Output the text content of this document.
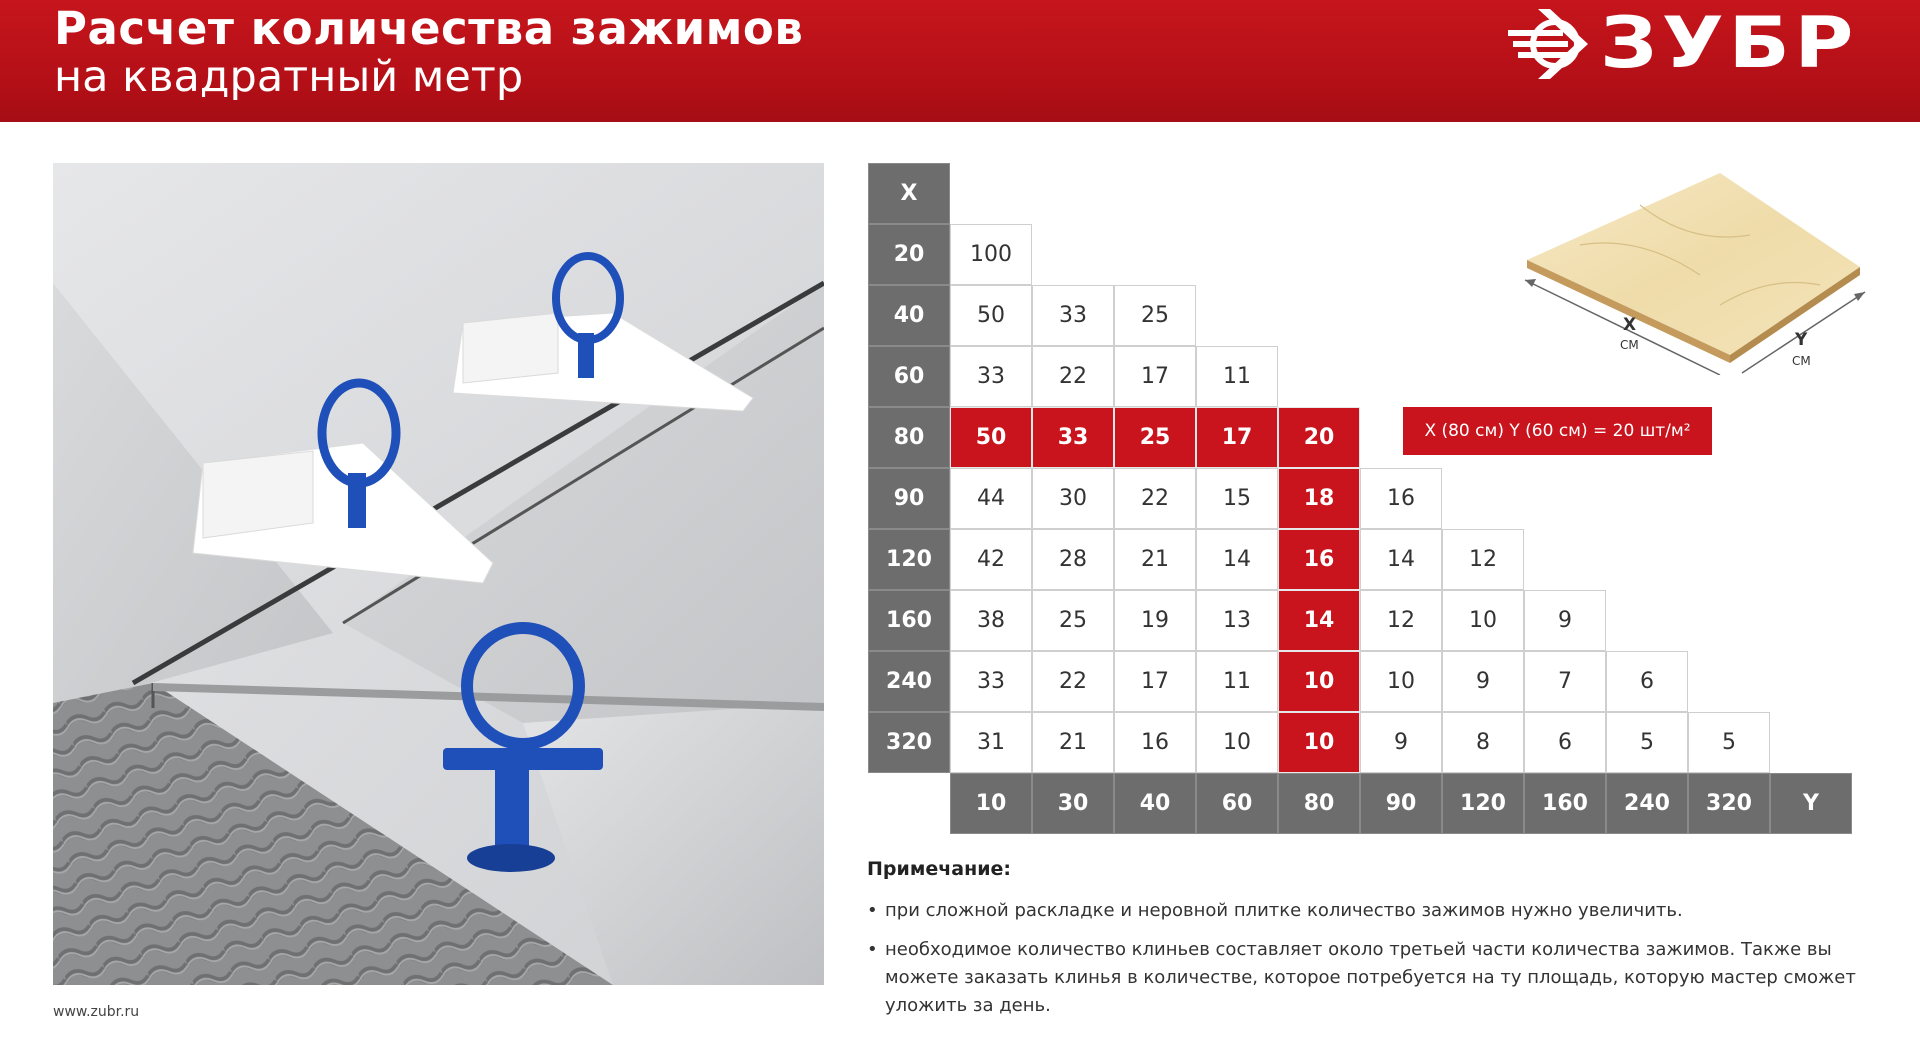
Расчет количества зажимов
на квадратный метр	ЗУБР
X
20	100
40	50	33	25
60	33	22	17	11
80	50	33	25	17	20
90	44	30	22	15	18	16
120	42	28	21	14	16	14	12
160	38	25	19	13	14	12	10	9
240	33	22	17	11	10	10	9	7	6
320	31	21	16	10	10	9	8	6	5	5
10	30	40	60	80	90	120	160	240	320	Y
X (80 см) Y (60 см) = 20 шт/м²
X
СМ	Y
СМ
Примечание:
• при сложной раскладке и неровной плитке количество зажимов нужно увеличить.
• необходимое количество клиньев составляет около третьей части количества зажимов. Также вы можете заказать клинья в количестве, которое потребуется на ту площадь, которую мастер сможет уложить за день.
www.zubr.ru
